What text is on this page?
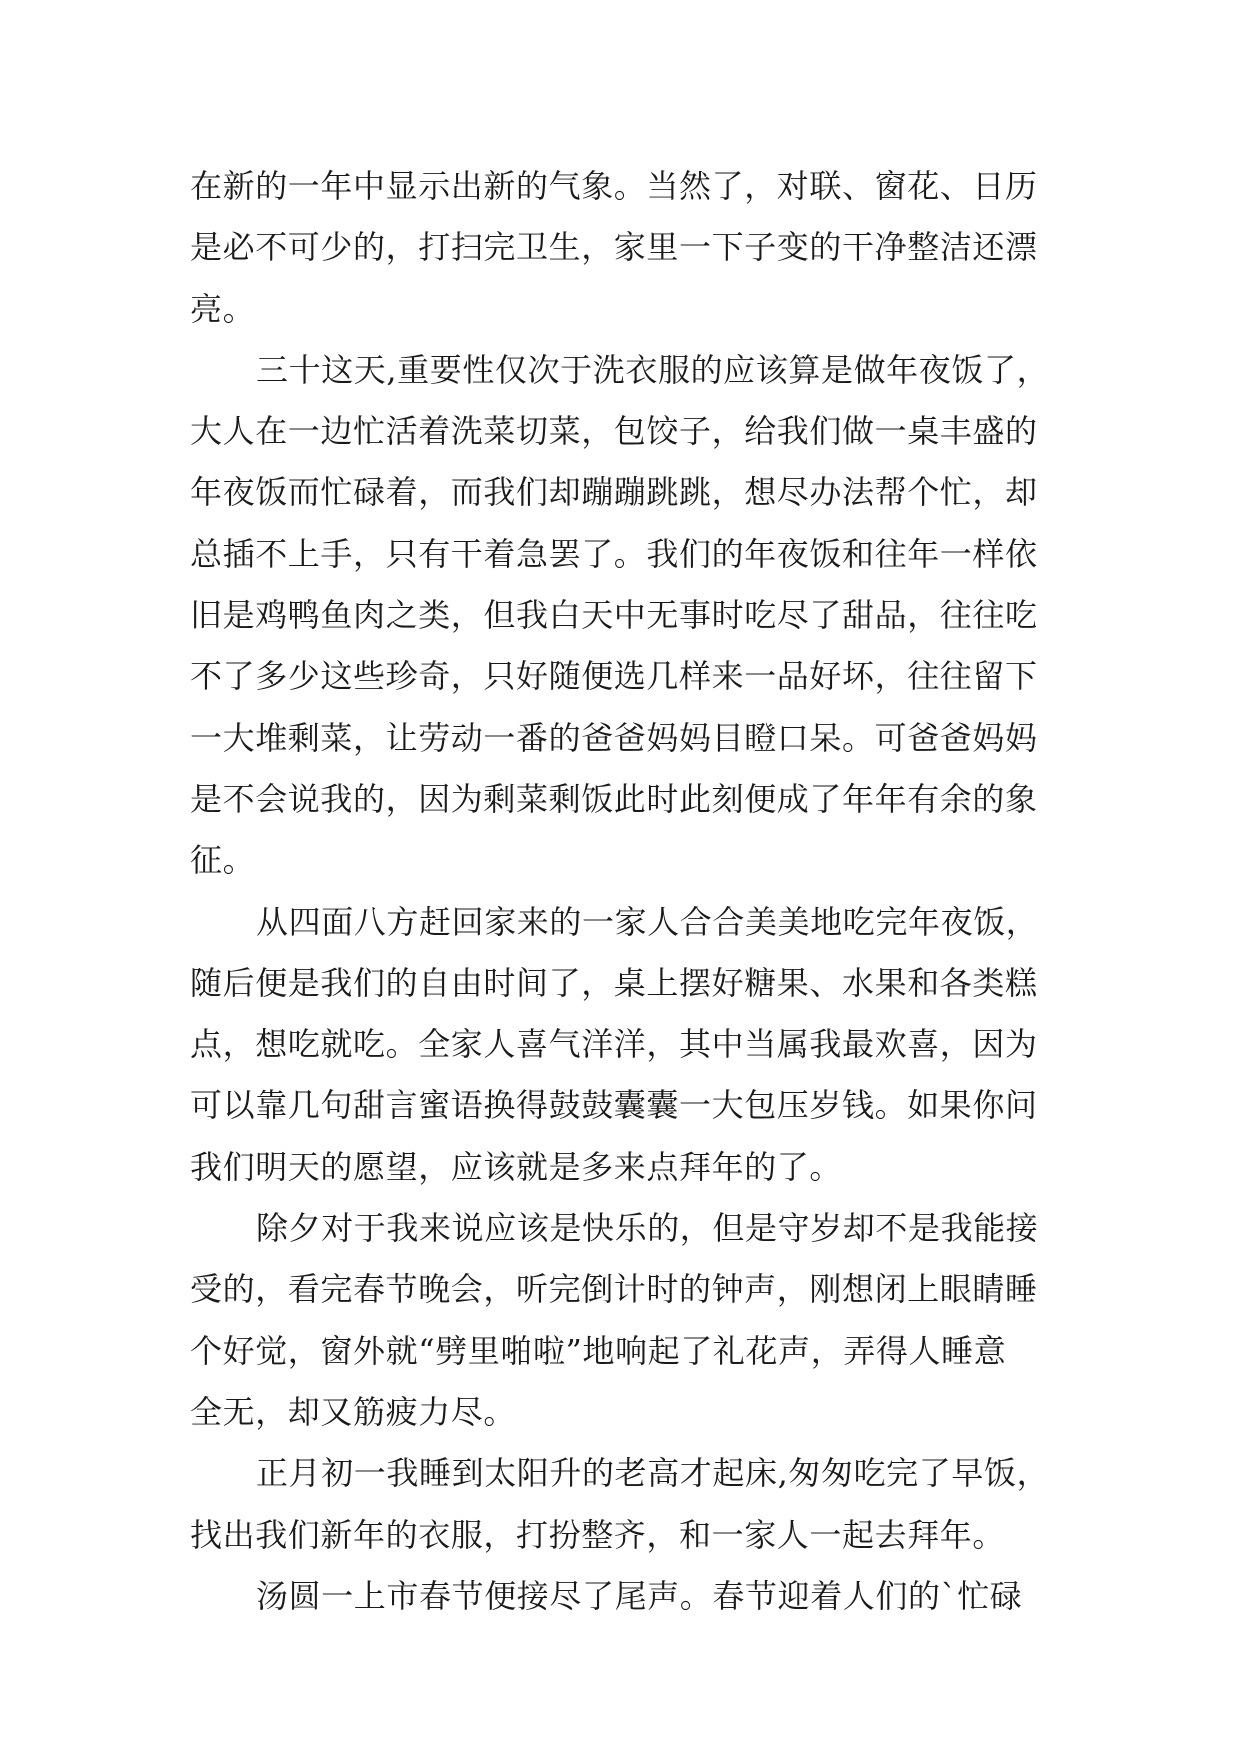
在新的一年中显示出新的气象。当然了，对联、窗花、日历
是必不可少的，打扫完卫生，家里一下子变的干净整洁还漂
亮。
三十这天,重要性仅次于洗衣服的应该算是做年夜饭了，
大人在一边忙活着洗菜切菜，包饺子，给我们做一桌丰盛的
年夜饭而忙碌着，而我们却蹦蹦跳跳，想尽办法帮个忙，却
总插不上手，只有干着急罢了。我们的年夜饭和往年一样依
旧是鸡鸭鱼肉之类，但我白天中无事时吃尽了甜品，往往吃
不了多少这些珍奇，只好随便选几样来一品好坏，往往留下
一大堆剩菜，让劳动一番的爸爸妈妈目瞪口呆。可爸爸妈妈
是不会说我的，因为剩菜剩饭此时此刻便成了年年有余的象
征。
从四面八方赶回家来的一家人合合美美地吃完年夜饭，
随后便是我们的自由时间了，桌上摆好糖果、水果和各类糕
点，想吃就吃。全家人喜气洋洋，其中当属我最欢喜，因为
可以靠几句甜言蜜语换得鼓鼓囊囊一大包压岁钱。如果你问
我们明天的愿望，应该就是多来点拜年的了。
除夕对于我来说应该是快乐的，但是守岁却不是我能接
受的，看完春节晚会，听完倒计时的钟声，刚想闭上眼睛睡
个好觉，窗外就“劈里啪啦”地响起了礼花声，弄得人睡意
全无，却又筋疲力尽。
正月初一我睡到太阳升的老高才起床,匆匆吃完了早饭，
找出我们新年的衣服，打扮整齐，和一家人一起去拜年。
汤圆一上市春节便接尽了尾声。春节迎着人们的`忙碌
